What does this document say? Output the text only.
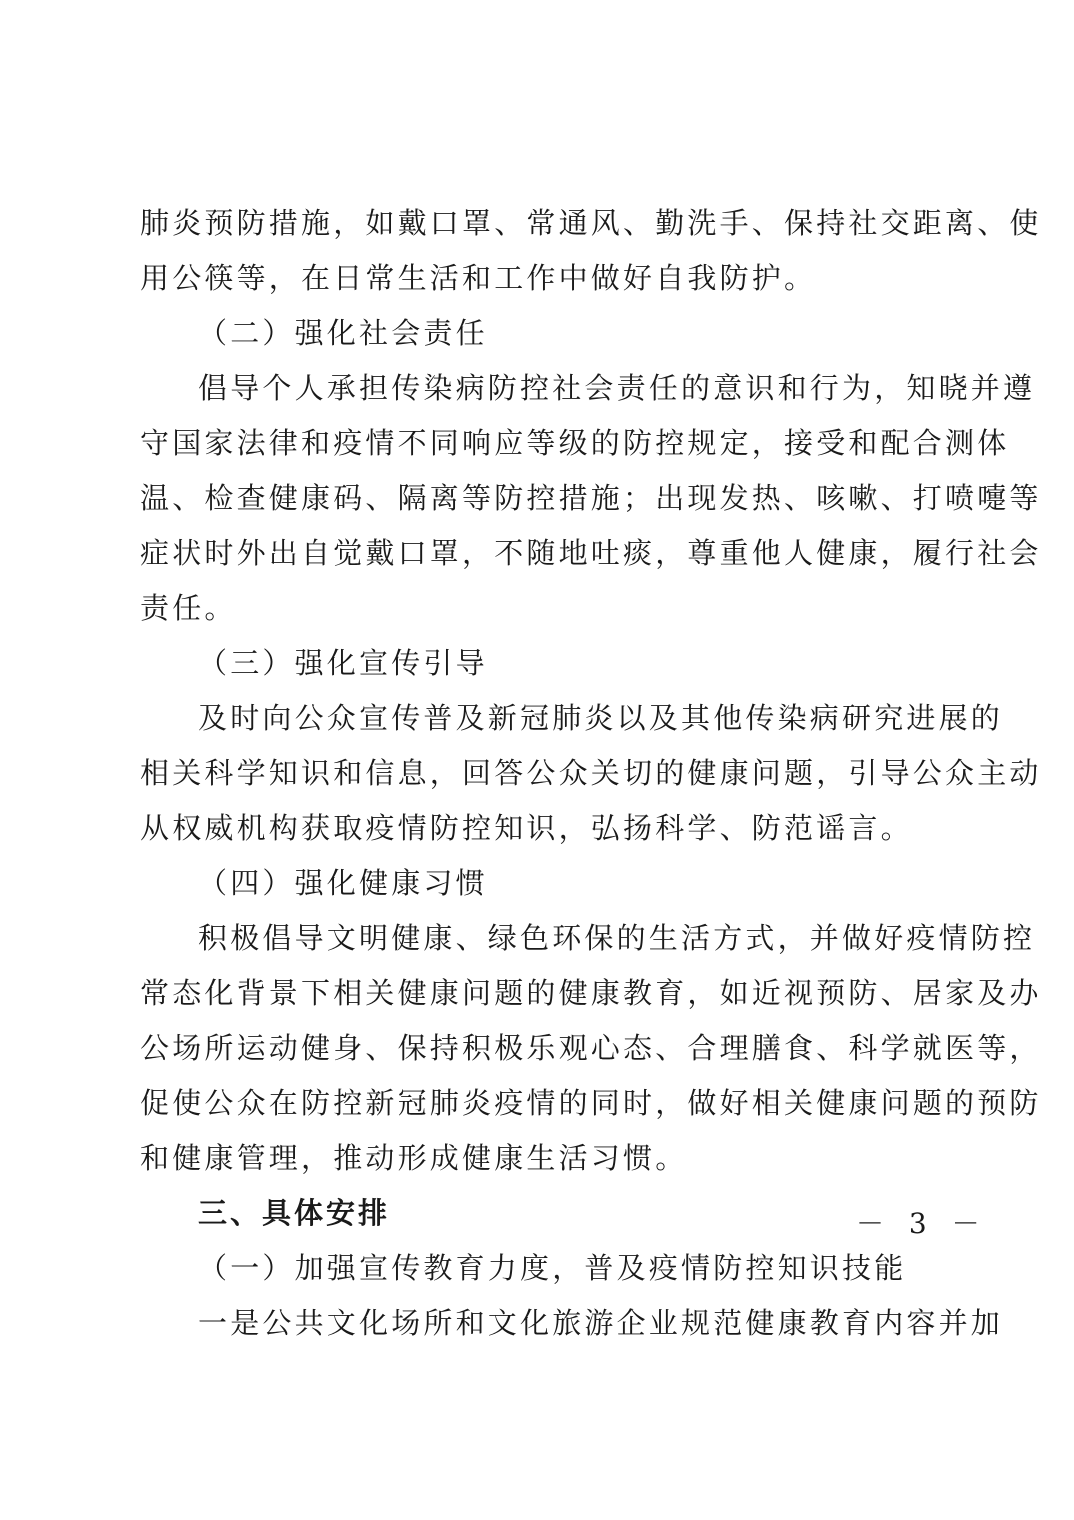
肺炎预防措施，如戴口罩、常通风、勤洗手、保持社交距离、使
用公筷等，在日常生活和工作中做好自我防护。
（二）强化社会责任
倡导个人承担传染病防控社会责任的意识和行为，知晓并遵
守国家法律和疫情不同响应等级的防控规定，接受和配合测体
温、检查健康码、隔离等防控措施；出现发热、咳嗽、打喷嚏等
症状时外出自觉戴口罩，不随地吐痰，尊重他人健康，履行社会
责任。
（三）强化宣传引导
及时向公众宣传普及新冠肺炎以及其他传染病研究进展的
相关科学知识和信息，回答公众关切的健康问题，引导公众主动
从权威机构获取疫情防控知识，弘扬科学、防范谣言。
（四）强化健康习惯
积极倡导文明健康、绿色环保的生活方式，并做好疫情防控
常态化背景下相关健康问题的健康教育，如近视预防、居家及办
公场所运动健身、保持积极乐观心态、合理膳食、科学就医等，
促使公众在防控新冠肺炎疫情的同时，做好相关健康问题的预防
和健康管理，推动形成健康生活习惯。
三、具体安排
（一）加强宣传教育力度，普及疫情防控知识技能
一是公共文化场所和文化旅游企业规范健康教育内容并加
－ 3 －
